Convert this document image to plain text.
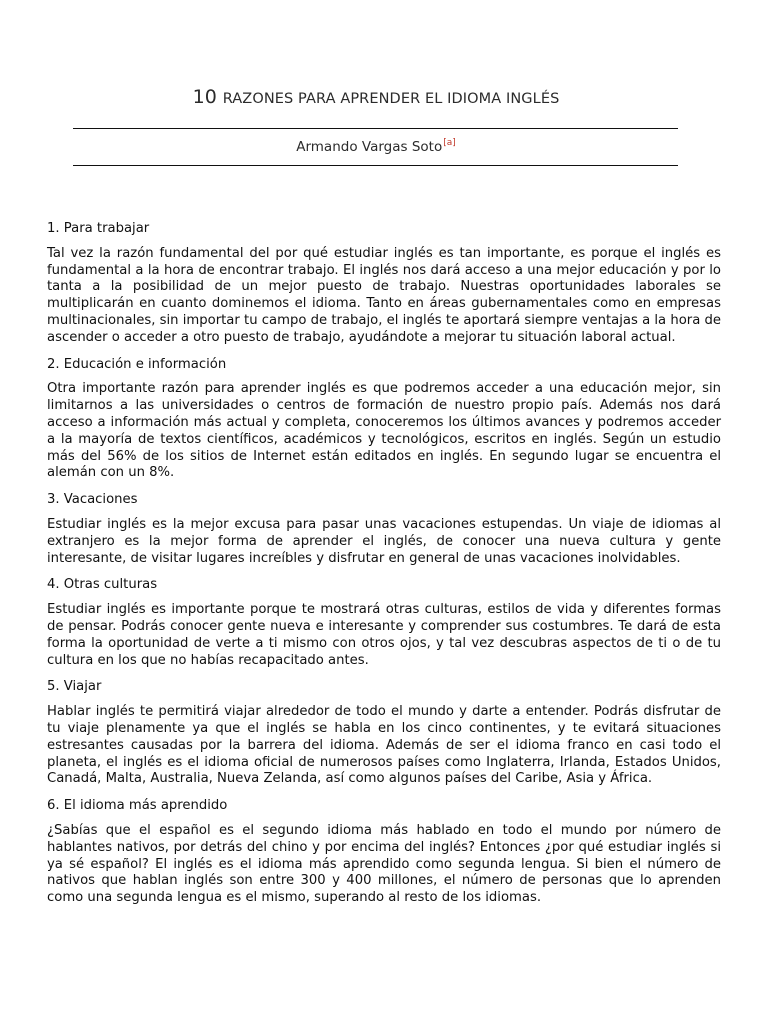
10 RAZONES PARA APRENDER EL IDIOMA INGLÉS
Armando Vargas Soto[a]
1. Para trabajar
Tal vez la razón fundamental del por qué estudiar inglés es tan importante, es porque el inglés es fundamental a la hora de encontrar trabajo. El inglés nos dará acceso a una mejor educación y por lo tanta a la posibilidad de un mejor puesto de trabajo. Nuestras oportunidades laborales se multiplicarán en cuanto dominemos el idioma. Tanto en áreas gubernamentales como en empresas multinacionales, sin importar tu campo de trabajo, el inglés te aportará siempre ventajas a la hora de ascender o acceder a otro puesto de trabajo, ayudándote a mejorar tu situación laboral actual.
2. Educación e información
Otra importante razón para aprender inglés es que podremos acceder a una educación mejor, sin limitarnos a las universidades o centros de formación de nuestro propio país. Además nos dará acceso a información más actual y completa, conoceremos los últimos avances y podremos acceder a la mayoría de textos científicos, académicos y tecnológicos, escritos en inglés. Según un estudio más del 56% de los sitios de Internet están editados en inglés. En segundo lugar se encuentra el alemán con un 8%.
3. Vacaciones
Estudiar inglés es la mejor excusa para pasar unas vacaciones estupendas. Un viaje de idiomas al extranjero es la mejor forma de aprender el inglés, de conocer una nueva cultura y gente interesante, de visitar lugares increíbles y disfrutar en general de unas vacaciones inolvidables.
4. Otras culturas
Estudiar inglés es importante porque te mostrará otras culturas, estilos de vida y diferentes formas de pensar. Podrás conocer gente nueva e interesante y comprender sus costumbres. Te dará de esta forma la oportunidad de verte a ti mismo con otros ojos, y tal vez descubras aspectos de ti o de tu cultura en los que no habías recapacitado antes.
5. Viajar
Hablar inglés te permitirá viajar alrededor de todo el mundo y darte a entender. Podrás disfrutar de tu viaje plenamente ya que el inglés se habla en los cinco continentes, y te evitará situaciones estresantes causadas por la barrera del idioma. Además de ser el idioma franco en casi todo el planeta, el inglés es el idioma oficial de numerosos países como Inglaterra, Irlanda, Estados Unidos, Canadá, Malta, Australia, Nueva Zelanda, así como algunos países del Caribe, Asia y África.
6. El idioma más aprendido
¿Sabías que el español es el segundo idioma más hablado en todo el mundo por número de hablantes nativos, por detrás del chino y por encima del inglés? Entonces ¿por qué estudiar inglés si ya sé español? El inglés es el idioma más aprendido como segunda lengua. Si bien el número de nativos que hablan inglés son entre 300 y 400 millones, el número de personas que lo aprenden como una segunda lengua es el mismo, superando al resto de los idiomas.
